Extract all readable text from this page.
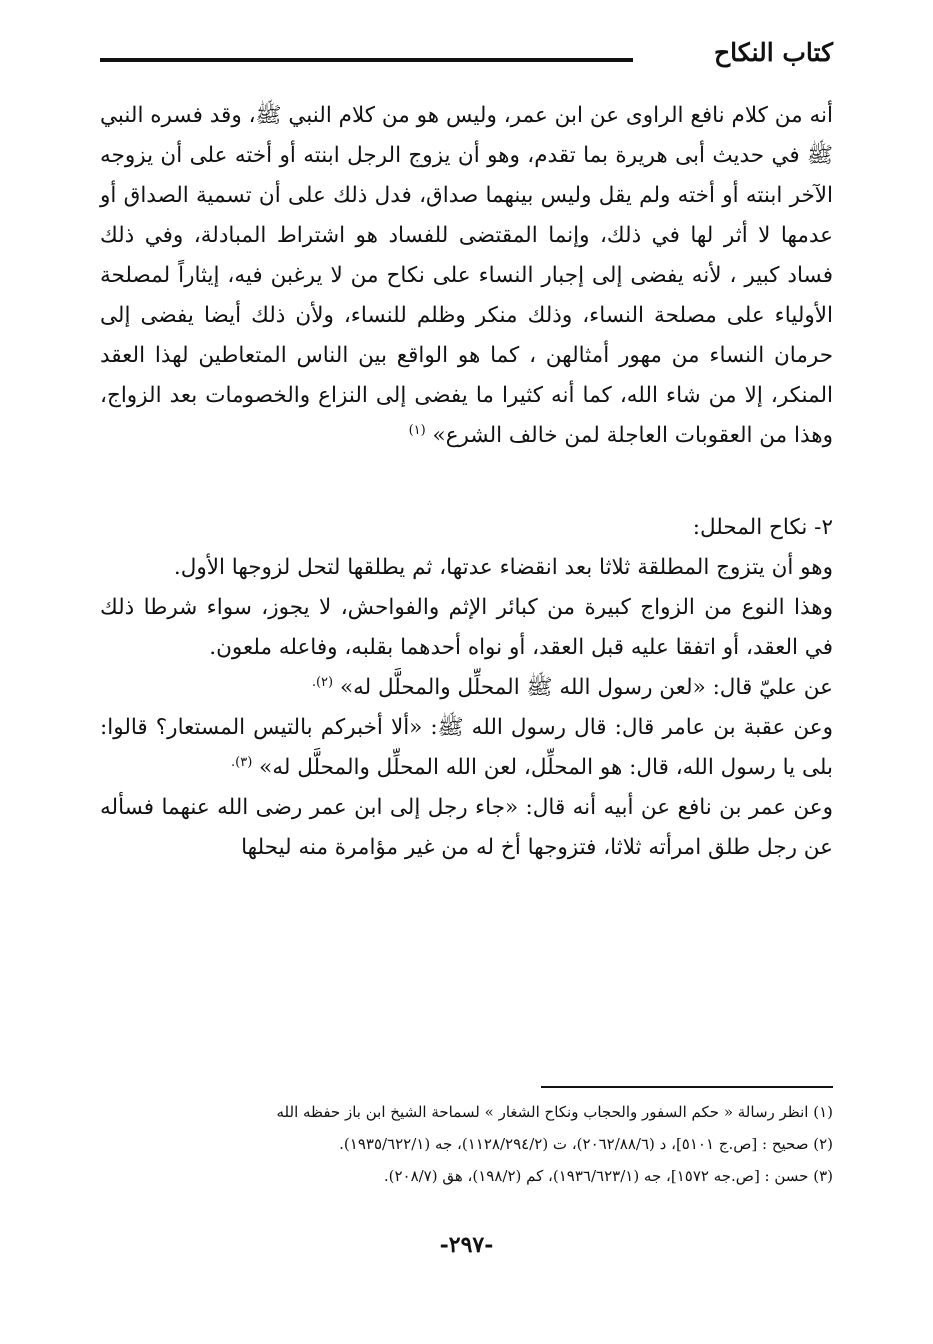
كتاب النكاح

أنه من كلام نافع الراوى عن ابن عمر، وليس هو من كلام النبي ﷺ، وقد فسره النبي ﷺ في حديث أبى هريرة بما تقدم، وهو أن يزوج الرجل ابنته أو أخته على أن يزوجه الآخر ابنته أو أخته ولم يقل وليس بينهما صداق، فدل ذلك على أن تسمية الصداق أو عدمها لا أثر لها في ذلك، وإنما المقتضى للفساد هو اشتراط المبادلة، وفي ذلك فساد كبير ، لأنه يفضى إلى إجبار النساء على نكاح من لا يرغبن فيه، إيثاراً لمصلحة الأولياء على مصلحة النساء، وذلك منكر وظلم للنساء، ولأن ذلك أيضا يفضى إلى حرمان النساء من مهور أمثالهن ، كما هو الواقع بين الناس المتعاطين لهذا العقد المنكر، إلا من شاء الله، كما أنه كثيرا ما يفضى إلى النزاع والخصومات بعد الزواج، وهذا من العقوبات العاجلة لمن خالف الشرع» $^{(١)}$

٢- نكاح المحلل:

وهو أن يتزوج المطلقة ثلاثا بعد انقضاء عدتها، ثم يطلقها لتحل لزوجها الأول.

وهذا النوع من الزواج كبيرة من كبائر الإثم والفواحش، لا يجوز، سواء شرطا ذلك في العقد، أو اتفقا عليه قبل العقد، أو نواه أحدهما بقلبه، وفاعله ملعون.

عن عليّ قال: «لعن رسول الله ﷺ المحلِّل والمحلَّل له» $^{(٢).}$

وعن عقبة بن عامر قال: قال رسول الله ﷺ: «ألا أخبركم بالتيس المستعار؟ قالوا: بلى يا رسول الله، قال: هو المحلِّل، لعن الله المحلِّل والمحلَّل له» $^{(٣).}$

وعن عمر بن نافع عن أبيه أنه قال: «جاء رجل إلى ابن عمر رضى الله عنهما فسأله عن رجل طلق امرأته ثلاثا، فتزوجها أخ له من غير مؤامرة منه ليحلها

(١) انظر رسالة « حكم السفور والحجاب ونكاح الشغار » لسماحة الشيخ ابن باز حفظه الله
(٢) صحيح : [ص.ج ٥١٠١]، د (٢٠٦٢/٨٨/٦)، ت (١١٢٨/٢٩٤/٢)، جه (١٩٣٥/٦٢٢/١).
(٣) حسن : [ص.جه ١٥٧٢]، جه (١٩٣٦/٦٢٣/١)، كم (١٩٨/٢)، هق (٢٠٨/٧).
-٢٩٧-
